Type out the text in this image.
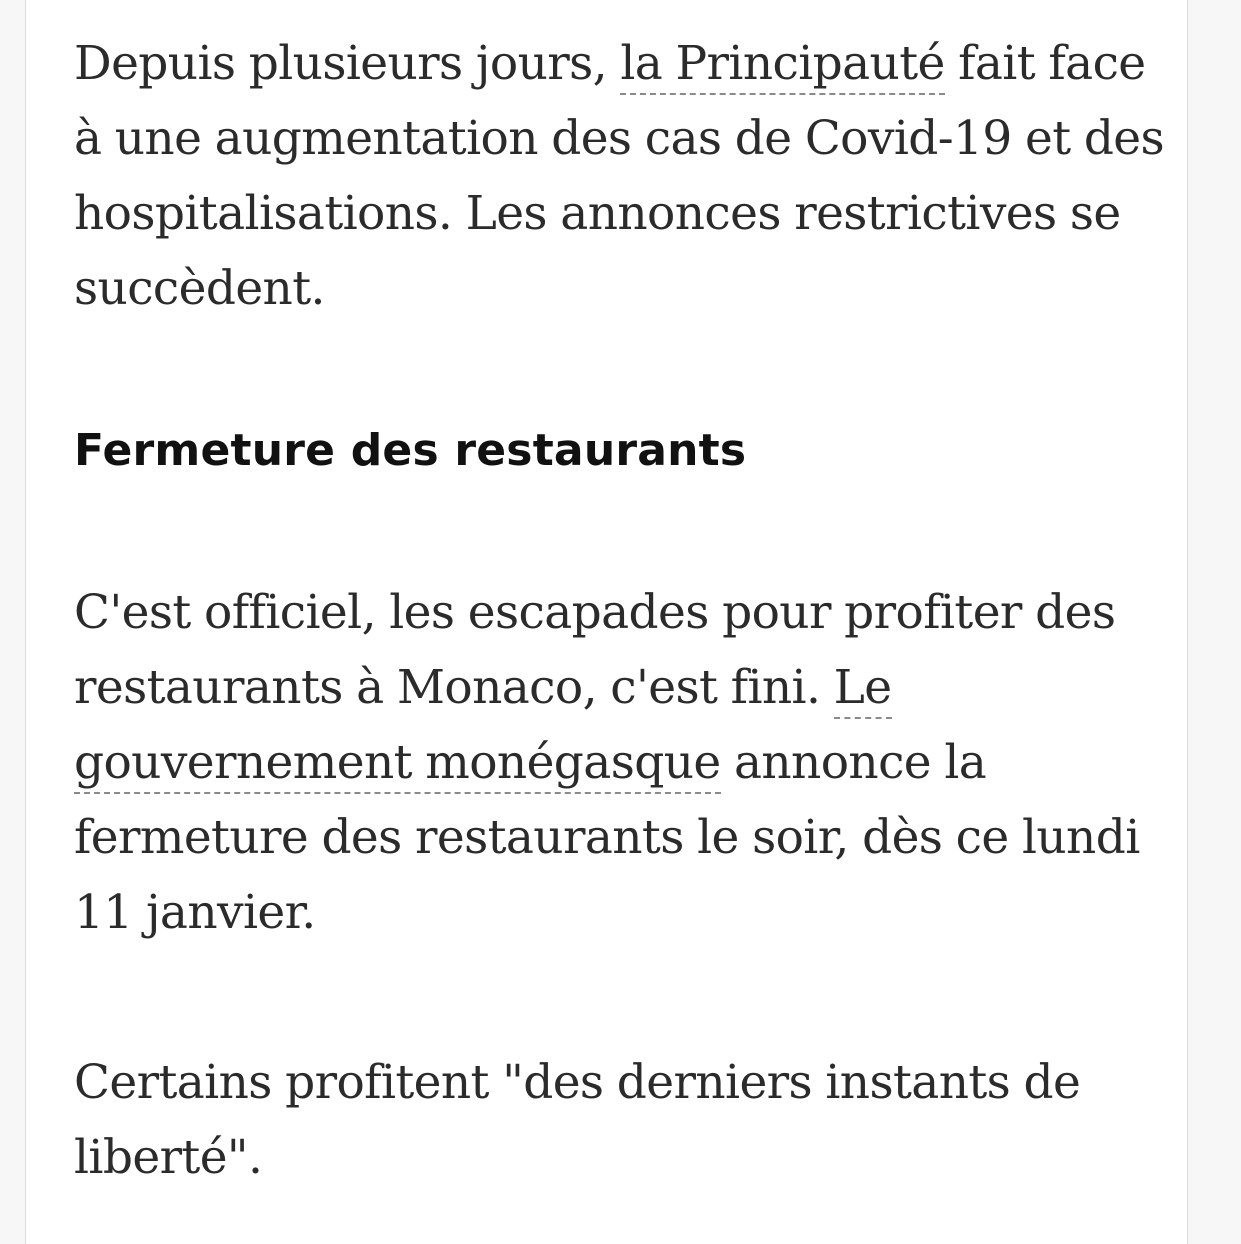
Depuis plusieurs jours, la Principauté fait face à une augmentation des cas de Covid-19 et des hospitalisations. Les annonces restrictives se succèdent.

Fermeture des restaurants

C'est officiel, les escapades pour profiter des restaurants à Monaco, c'est fini. Le gouvernement monégasque annonce la fermeture des restaurants le soir, dès ce lundi 11 janvier.

Certains profitent "des derniers instants de liberté".
